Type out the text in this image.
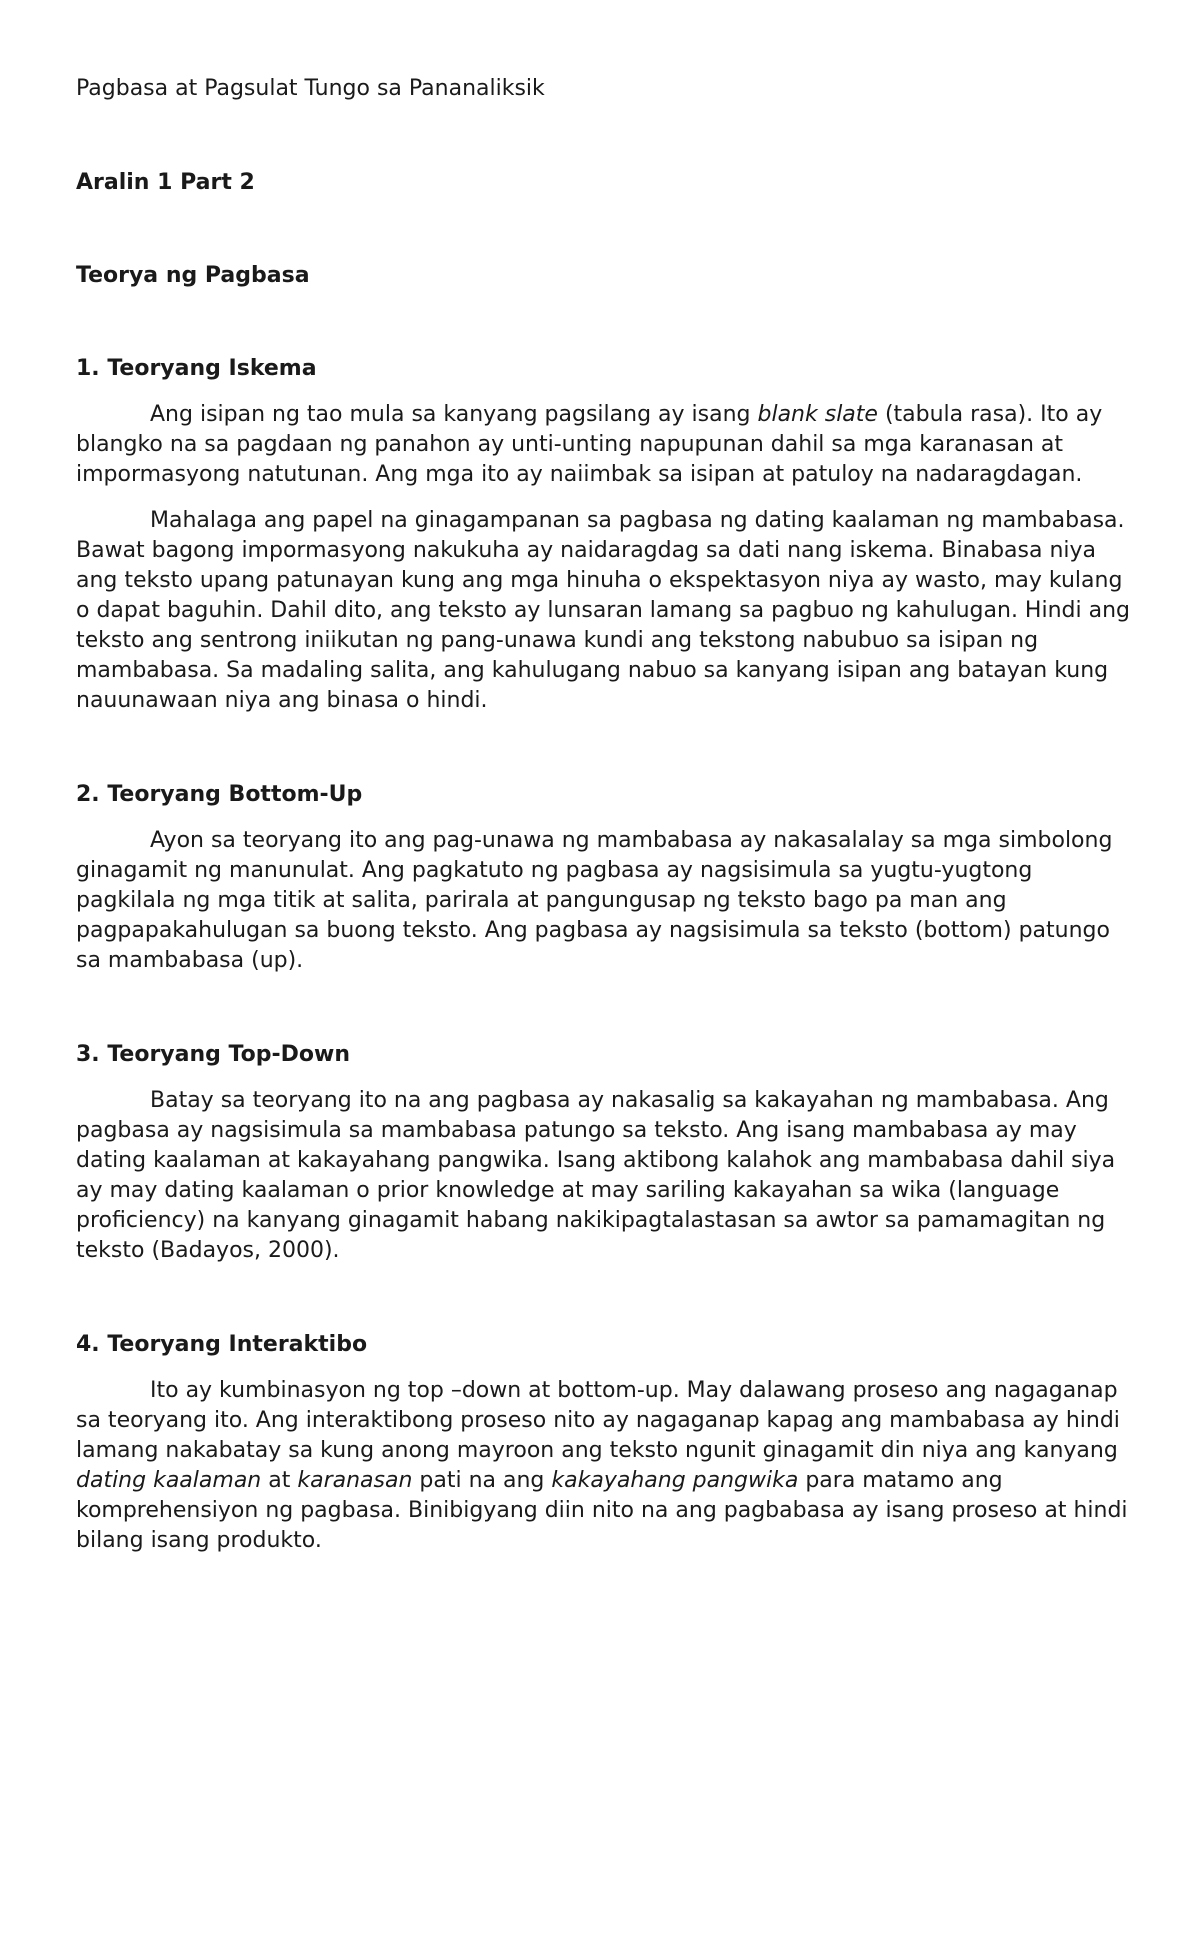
Pagbasa at Pagsulat Tungo sa Pananaliksik

Aralin 1 Part 2

Teorya ng Pagbasa

1. Teoryang Iskema

Ang isipan ng tao mula sa kanyang pagsilang ay isang blank slate (tabula rasa). Ito ay blangko na sa pagdaan ng panahon ay unti-unting napupunan dahil sa mga karanasan at impormasyong natutunan. Ang mga ito ay naiimbak sa isipan at patuloy na nadaragdagan.

Mahalaga ang papel na ginagampanan sa pagbasa ng dating kaalaman ng mambabasa. Bawat bagong impormasyong nakukuha ay naidaragdag sa dati nang iskema. Binabasa niya ang teksto upang patunayan kung ang mga hinuha o ekspektasyon niya ay wasto, may kulang o dapat baguhin. Dahil dito, ang teksto ay lunsaran lamang sa pagbuo ng kahulugan. Hindi ang teksto ang sentrong iniikutan ng pang-unawa kundi ang tekstong nabubuo sa isipan ng mambabasa. Sa madaling salita, ang kahulugang nabuo sa kanyang isipan ang batayan kung nauunawaan niya ang binasa o hindi.

2. Teoryang Bottom-Up

Ayon sa teoryang ito ang pag-unawa ng mambabasa ay nakasalalay sa mga simbolong ginagamit ng manunulat. Ang pagkatuto ng pagbasa ay nagsisimula sa yugtu-yugtong pagkilala ng mga titik at salita, parirala at pangungusap ng teksto bago pa man ang pagpapakahulugan sa buong teksto. Ang pagbasa ay nagsisimula sa teksto (bottom) patungo sa mambabasa (up).

3. Teoryang Top-Down

Batay sa teoryang ito na ang pagbasa ay nakasalig sa kakayahan ng mambabasa. Ang pagbasa ay nagsisimula sa mambabasa patungo sa teksto. Ang isang mambabasa ay may dating kaalaman at kakayahang pangwika. Isang aktibong kalahok ang mambabasa dahil siya ay may dating kaalaman o prior knowledge at may sariling kakayahan sa wika (language proficiency) na kanyang ginagamit habang nakikipagtalastasan sa awtor sa pamamagitan ng teksto (Badayos, 2000).

4. Teoryang Interaktibo

Ito ay kumbinasyon ng top –down at bottom-up. May dalawang proseso ang nagaganap sa teoryang ito. Ang interaktibong proseso nito ay nagaganap kapag ang mambabasa ay hindi lamang nakabatay sa kung anong mayroon ang teksto ngunit ginagamit din niya ang kanyang dating kaalaman at karanasan pati na ang kakayahang pangwika para matamo ang komprehensiyon ng pagbasa. Binibigyang diin nito na ang pagbabasa ay isang proseso at hindi bilang isang produkto.
